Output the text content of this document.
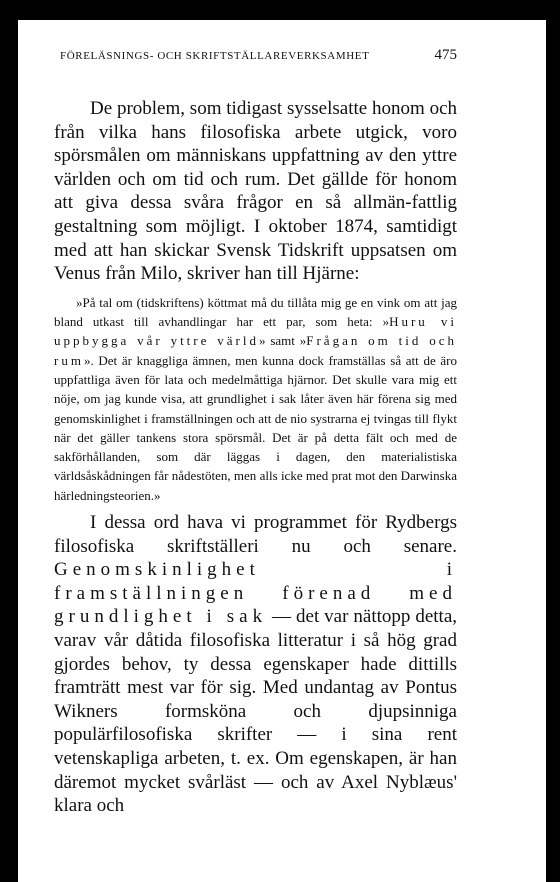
FÖRELÄSNINGS- OCH SKRIFTSTÄLLAREVERKSAMHET	475

De problem, som tidigast sysselsatte honom och från vilka hans filosofiska arbete utgick, voro spörsmålen om människans uppfattning av den yttre världen och om tid och rum. Det gällde för honom att giva dessa svåra frågor en så allmän-fattlig gestaltning som möjligt. I oktober 1874, samtidigt med att han skickar Svensk Tidskrift uppsatsen om Venus från Milo, skriver han till Hjärne:

»På tal om (tidskriftens) köttmat må du tillåta mig ge en vink om att jag bland utkast till avhandlingar har ett par, som heta: »Huru vi uppbygga vår yttre värld» samt »Frågan om tid och rum». Det är knaggliga ämnen, men kunna dock framställas så att de äro uppfattliga även för lata och medelmåttiga hjärnor. Det skulle vara mig ett nöje, om jag kunde visa, att grundlighet i sak låter även här förena sig med genomskinlighet i framställningen och att de nio systrarna ej tvingas till flykt när det gäller tankens stora spörsmål. Det är på detta fält och med de sakförhållanden, som där läggas i dagen, den materialistiska världsåskådningen får nådestöten, men alls icke med prat mot den Darwinska härledningsteorien.»

I dessa ord hava vi programmet för Rydbergs filosofiska skriftställeri nu och senare. Genomskinlighet i framställningen förenad med grundlighet i sak — det var nättopp detta, varav vår dåtida filosofiska litteratur i så hög grad gjordes behov, ty dessa egenskaper hade dittills framträtt mest var för sig. Med undantag av Pontus Wikners formsköna och djupsinniga populärfilosofiska skrifter — i sina rent vetenskapliga arbeten, t. ex. Om egenskapen, är han däremot mycket svårläst — och av Axel Nyblæus' klara och
